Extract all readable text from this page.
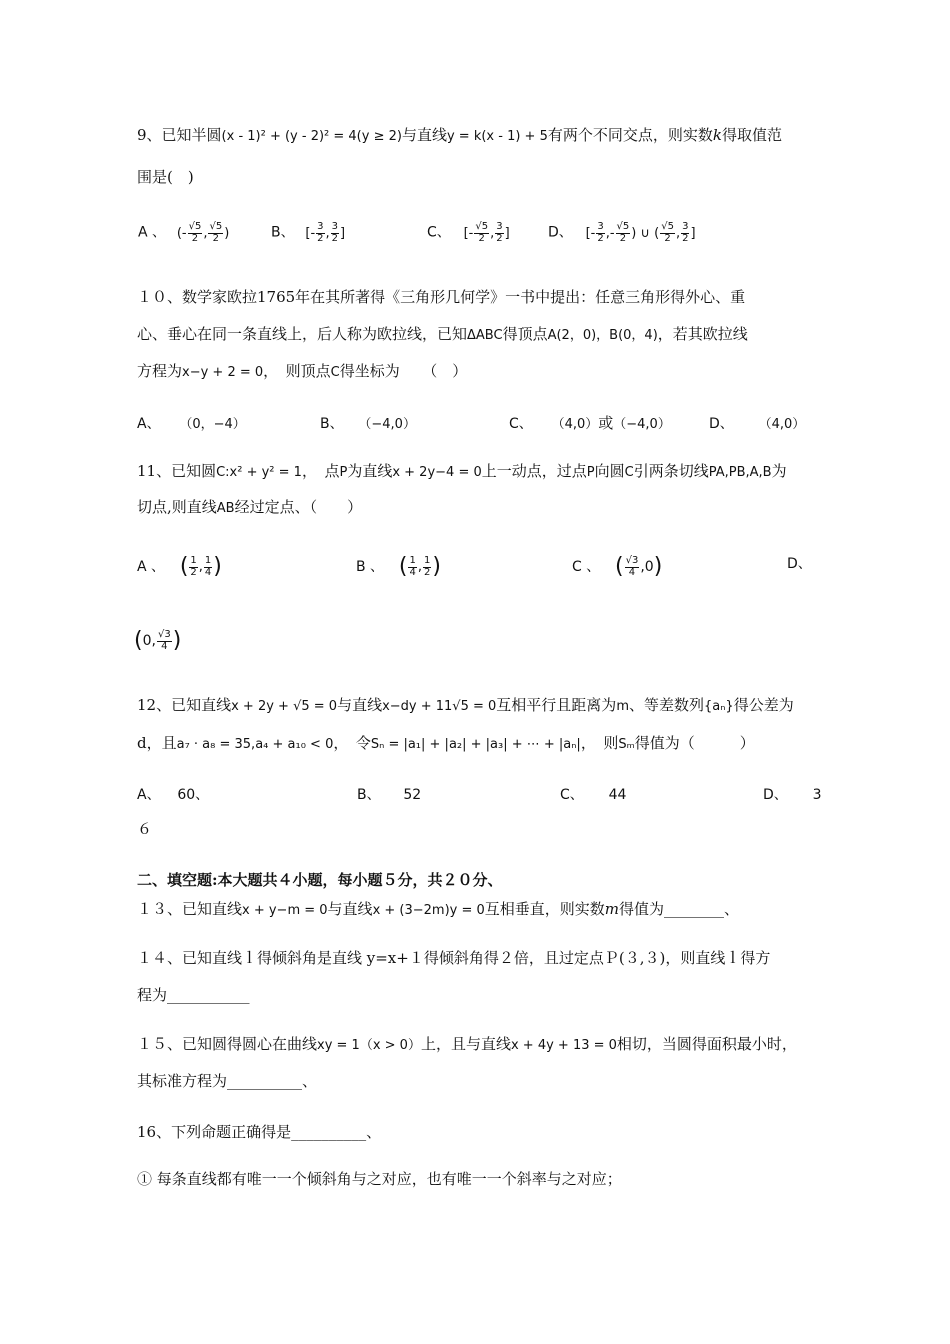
9、已知半圆(x - 1)² + (y - 2)² = 4(y ≥ 2)与直线y = k(x - 1) + 5有两个不同交点，则实数k得取值范
围是(　)
A 、 (- $\frac{√5}{2}$ , $\frac{√5}{2}$ )	B、 [- $\frac{3}{2}$ , $\frac{3}{2}$ ]	C、 [- $\frac{√5}{2}$ , $\frac{3}{2}$ ]	D、 [- $\frac{3}{2}$ ,- $\frac{√5}{2}$ ) ∪ ( $\frac{√5}{2}$ , $\frac{3}{2}$ ]
１０、数学家欧拉1765年在其所著得《三角形几何学》一书中提出：任意三角形得外心、重
心、垂心在同一条直线上，后人称为欧拉线，已知ΔABC得顶点A(2，0)，B(0，4)，若其欧拉线
方程为x−y + 2 = 0，　则顶点C得坐标为　　（　）
A、 （0，−4）	B、 （−4,0）	C、 （4,0）或（−4,0）	D、 （4,0）
11、已知圆C:x² + y² = 1，　点P为直线x + 2y−4 = 0上一动点，过点P向圆C引两条切线PA,PB,A,B为
切点,则直线AB经过定点、（　　）
A 、 ( $\frac{1}{2}$ , $\frac{1}{4}$ )	B 、 ( $\frac{1}{4}$ , $\frac{1}{2}$ )	C 、 ( $\frac{√3}{4} ,0$)	D、
(0, $\frac{√3}{4}$ )
12、已知直线x + 2y + √5 = 0与直线x−dy + 11√5 = 0互相平行且距离为m、等差数列{aₙ}得公差为
d，且a₇ · a₈ = 35,a₄ + a₁₀ < 0，　令Sₙ = |a₁| + |a₂| + |a₃| + ⋯ + |aₙ|，　则Sₘ得值为（　　　）
A、 60、	B、 52	C、 44	D、 3
６
二、填空题:本大题共４小题，每小题５分，共２０分、
１３、已知直线x + y−m = 0与直线x + (3−2m)y = 0互相垂直，则实数m得值为________、
１４、已知直线ｌ得倾斜角是直线 y=x+１得倾斜角得２倍，且过定点Ｐ(３,３)，则直线ｌ得方
程为___________
１５、已知圆得圆心在曲线xy = 1（x > 0）上，且与直线x + 4y + 13 = 0相切，当圆得面积最小时，
其标准方程为__________、
16、下列命题正确得是__________、
① 每条直线都有唯一一个倾斜角与之对应，也有唯一一个斜率与之对应；
